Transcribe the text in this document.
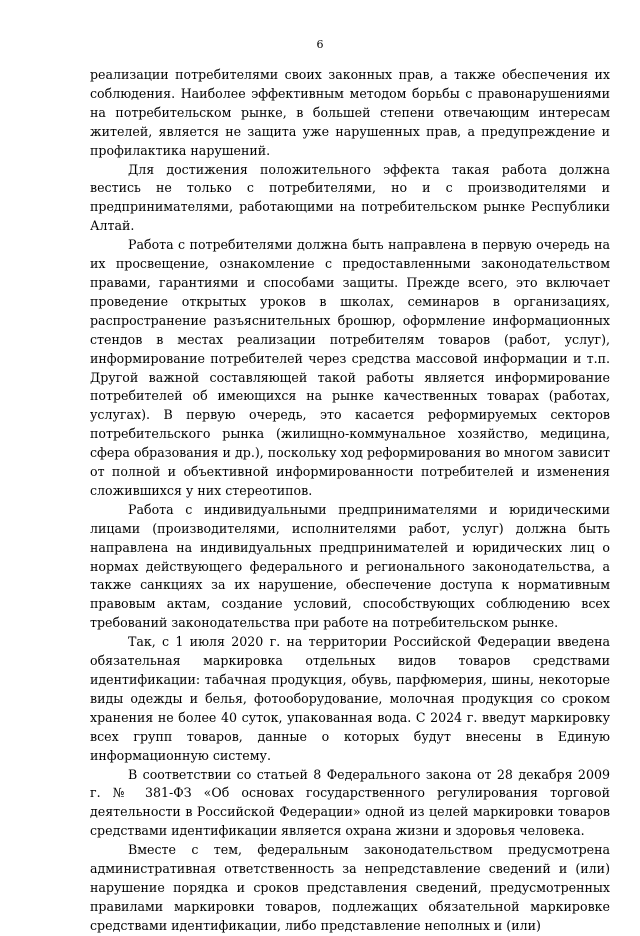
6

реализации потребителями своих законных прав, а также обеспечения их соблюдения. Наиболее эффективным методом борьбы с правонарушениями на потребительском рынке, в большей степени отвечающим интересам жителей, является не защита уже нарушенных прав, а предупреждение и профилактика нарушений.

Для достижения положительного эффекта такая работа должна вестись не только с потребителями, но и с производителями и предпринимателями, работающими на потребительском рынке Республики Алтай.

Работа с потребителями должна быть направлена в первую очередь на их просвещение, ознакомление с предоставленными законодательством правами, гарантиями и способами защиты. Прежде всего, это включает проведение открытых уроков в школах, семинаров в организациях, распространение разъяснительных брошюр, оформление информационных стендов в местах реализации потребителям товаров (работ, услуг), информирование потребителей через средства массовой информации и т.п. Другой важной составляющей такой работы является информирование потребителей об имеющихся на рынке качественных товарах (работах, услугах). В первую очередь, это касается реформируемых секторов потребительского рынка (жилищно-коммунальное хозяйство, медицина, сфера образования и др.), поскольку ход реформирования во многом зависит от полной и объективной информированности потребителей и изменения сложившихся у них стереотипов.

Работа с индивидуальными предпринимателями и юридическими лицами (производителями, исполнителями работ, услуг) должна быть направлена на индивидуальных предпринимателей и юридических лиц о нормах действующего федерального и регионального законодательства, а также санкциях за их нарушение, обеспечение доступа к нормативным правовым актам, создание условий, способствующих соблюдению всех требований законодательства при работе на потребительском рынке.

Так, с 1 июля 2020 г. на территории Российской Федерации введена обязательная маркировка отдельных видов товаров средствами идентификации: табачная продукция, обувь, парфюмерия, шины, некоторые виды одежды и белья, фотооборудование, молочная продукция со сроком хранения не более 40 суток, упакованная вода. С 2024 г. введут маркировку всех групп товаров, данные о которых будут внесены в Единую информационную систему.

В соответствии со статьей 8 Федерального закона от 28 декабря 2009 г. № 381-ФЗ «Об основах государственного регулирования торговой деятельности в Российской Федерации» одной из целей маркировки товаров средствами идентификации является охрана жизни и здоровья человека.

Вместе с тем, федеральным законодательством предусмотрена административная ответственность за непредставление сведений и (или) нарушение порядка и сроков представления сведений, предусмотренных правилами маркировки товаров, подлежащих обязательной маркировке средствами идентификации, либо представление неполных и (или)
